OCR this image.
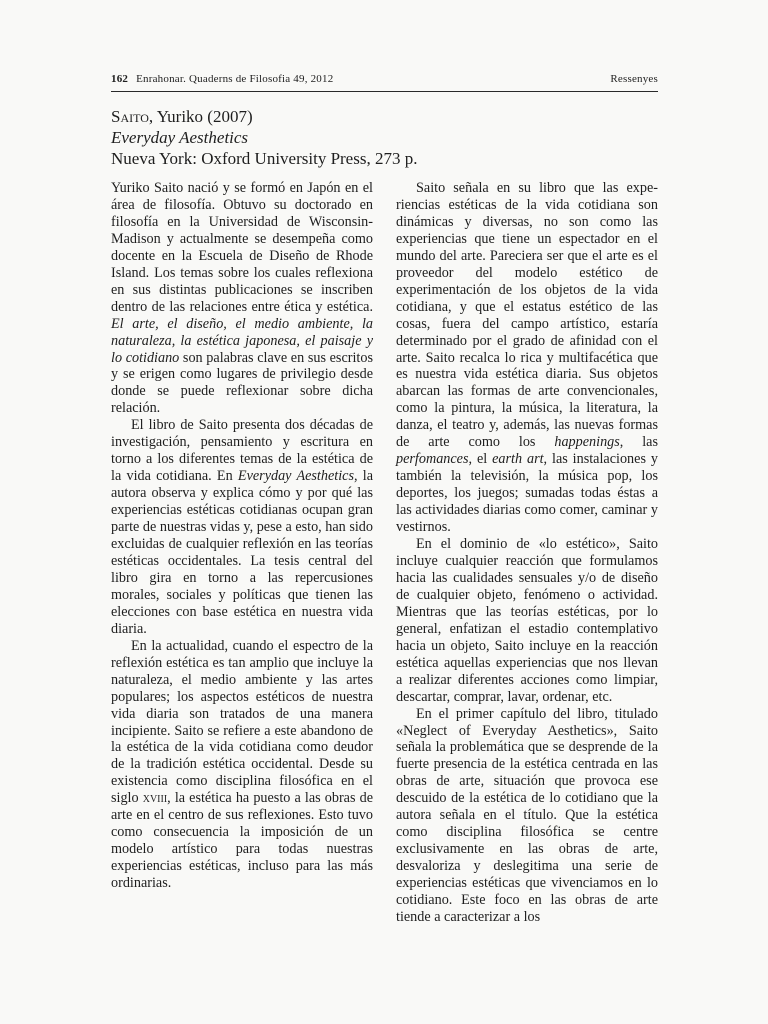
162 Enrahonar. Quaderns de Filosofia 49, 2012	Ressenyes
Saito, Yuriko (2007)
Everyday Aesthetics
Nueva York: Oxford University Press, 273 p.

Yuriko Saito nació y se formó en Japón en el área de filosofía. Obtuvo su doctorado en filosofía en la Universidad de Wisconsin-Madison y actualmente se desempeña como docente en la Escuela de Diseño de Rhode Island. Los temas sobre los cuales reflexiona en sus distintas publicaciones se inscriben dentro de las relaciones entre ética y estética. El arte, el diseño, el medio ambiente, la naturaleza, la estética japonesa, el paisaje y lo cotidiano son palabras clave en sus escritos y se erigen como lugares de privilegio desde donde se puede reflexionar sobre dicha relación.

El libro de Saito presenta dos décadas de investigación, pensamiento y escritura en torno a los diferentes temas de la estética de la vida cotidiana. En Everyday Aesthetics, la autora observa y explica cómo y por qué las experiencias estéticas cotidianas ocupan gran parte de nuestras vidas y, pese a esto, han sido excluidas de cualquier reflexión en las teorías estéticas occidentales. La tesis central del libro gira en torno a las repercusiones morales, sociales y políticas que tienen las elecciones con base estética en nuestra vida diaria.

En la actualidad, cuando el espectro de la reflexión estética es tan amplio que incluye la naturaleza, el medio ambiente y las artes populares; los aspectos estéticos de nuestra vida diaria son tratados de una manera incipiente. Saito se refiere a este abandono de la estética de la vida cotidiana como deudor de la tradición estética occidental. Desde su existencia como disciplina filosófica en el siglo xviii, la estética ha puesto a las obras de arte en el centro de sus reflexiones. Esto tuvo como consecuencia la imposición de un modelo artístico para todas nuestras experiencias estéticas, incluso para las más ordinarias.

Saito señala en su libro que las experiencias estéticas de la vida cotidiana son dinámicas y diversas, no son como las experiencias que tiene un espectador en el mundo del arte. Pareciera ser que el arte es el proveedor del modelo estético de experimentación de los objetos de la vida cotidiana, y que el estatus estético de las cosas, fuera del campo artístico, estaría determinado por el grado de afinidad con el arte. Saito recalca lo rica y multifacética que es nuestra vida estética diaria. Sus objetos abarcan las formas de arte convencionales, como la pintura, la música, la literatura, la danza, el teatro y, además, las nuevas formas de arte como los happenings, las perfomances, el earth art, las instalaciones y también la televisión, la música pop, los deportes, los juegos; sumadas todas éstas a las actividades diarias como comer, caminar y vestirnos.

En el dominio de «lo estético», Saito incluye cualquier reacción que formulamos hacia las cualidades sensuales y/o de diseño de cualquier objeto, fenómeno o actividad. Mientras que las teorías estéticas, por lo general, enfatizan el estadio contemplativo hacia un objeto, Saito incluye en la reacción estética aquellas experiencias que nos llevan a realizar diferentes acciones como limpiar, descartar, comprar, lavar, ordenar, etc.

En el primer capítulo del libro, titulado «Neglect of Everyday Aesthetics», Saito señala la problemática que se desprende de la fuerte presencia de la estética centrada en las obras de arte, situación que provoca ese descuido de la estética de lo cotidiano que la autora señala en el título. Que la estética como disciplina filosófica se centre exclusivamente en las obras de arte, desvaloriza y deslegitima una serie de experiencias estéticas que vivenciamos en lo cotidiano. Este foco en las obras de arte tiende a caracterizar a los
